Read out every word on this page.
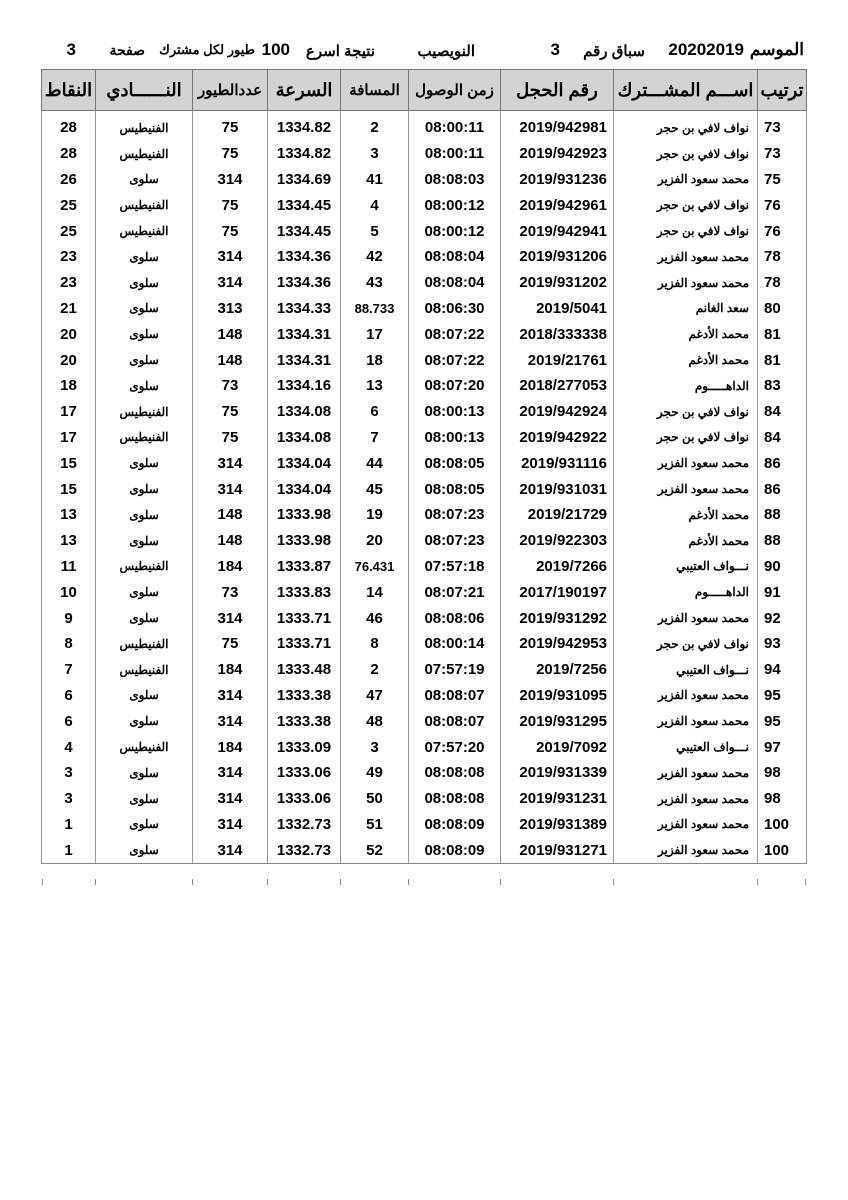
الموسم
20202019
سباق رقم
3
النويصيب
نتيجة اسرع
100
طيور لكل مشترك
صفحة
3
ترتيب	اســـم المشـــترك	رقم الحجل	زمن الوصول	المسافة	السرعة	عددالطيور	النــــــادي	النقاط
73	نواف لافي بن حجر	2019/942981	08:00:11	2	1334.82	75	الفنيطيس	28
73	نواف لافي بن حجر	2019/942923	08:00:11	3	1334.82	75	الفنيطيس	28
75	محمد سعود الفزير	2019/931236	08:08:03	41	1334.69	314	سلوى	26
76	نواف لافي بن حجر	2019/942961	08:00:12	4	1334.45	75	الفنيطيس	25
76	نواف لافي بن حجر	2019/942941	08:00:12	5	1334.45	75	الفنيطيس	25
78	محمد سعود الفزير	2019/931206	08:08:04	42	1334.36	314	سلوى	23
78	محمد سعود الفزير	2019/931202	08:08:04	43	1334.36	314	سلوى	23
80	سعد الغانم	2019/5041	08:06:30	88.733	1334.33	313	سلوى	21
81	محمد الأدغم	2018/333338	08:07:22	17	1334.31	148	سلوى	20
81	محمد الأدغم	2019/21761	08:07:22	18	1334.31	148	سلوى	20
83	الداهـــــوم	2018/277053	08:07:20	13	1334.16	73	سلوى	18
84	نواف لافي بن حجر	2019/942924	08:00:13	6	1334.08	75	الفنيطيس	17
84	نواف لافي بن حجر	2019/942922	08:00:13	7	1334.08	75	الفنيطيس	17
86	محمد سعود الفزير	2019/931116	08:08:05	44	1334.04	314	سلوى	15
86	محمد سعود الفزير	2019/931031	08:08:05	45	1334.04	314	سلوى	15
88	محمد الأدغم	2019/21729	08:07:23	19	1333.98	148	سلوى	13
88	محمد الأدغم	2019/922303	08:07:23	20	1333.98	148	سلوى	13
90	نـــواف العتيبي	2019/7266	07:57:18	76.431	1333.87	184	الفنيطيس	11
91	الداهـــــوم	2017/190197	08:07:21	14	1333.83	73	سلوى	10
92	محمد سعود الفزير	2019/931292	08:08:06	46	1333.71	314	سلوى	9
93	نواف لافي بن حجر	2019/942953	08:00:14	8	1333.71	75	الفنيطيس	8
94	نـــواف العتيبي	2019/7256	07:57:19	2	1333.48	184	الفنيطيس	7
95	محمد سعود الفزير	2019/931095	08:08:07	47	1333.38	314	سلوى	6
95	محمد سعود الفزير	2019/931295	08:08:07	48	1333.38	314	سلوى	6
97	نـــواف العتيبي	2019/7092	07:57:20	3	1333.09	184	الفنيطيس	4
98	محمد سعود الفزير	2019/931339	08:08:08	49	1333.06	314	سلوى	3
98	محمد سعود الفزير	2019/931231	08:08:08	50	1333.06	314	سلوى	3
100	محمد سعود الفزير	2019/931389	08:08:09	51	1332.73	314	سلوى	1
100	محمد سعود الفزير	2019/931271	08:08:09	52	1332.73	314	سلوى	1
